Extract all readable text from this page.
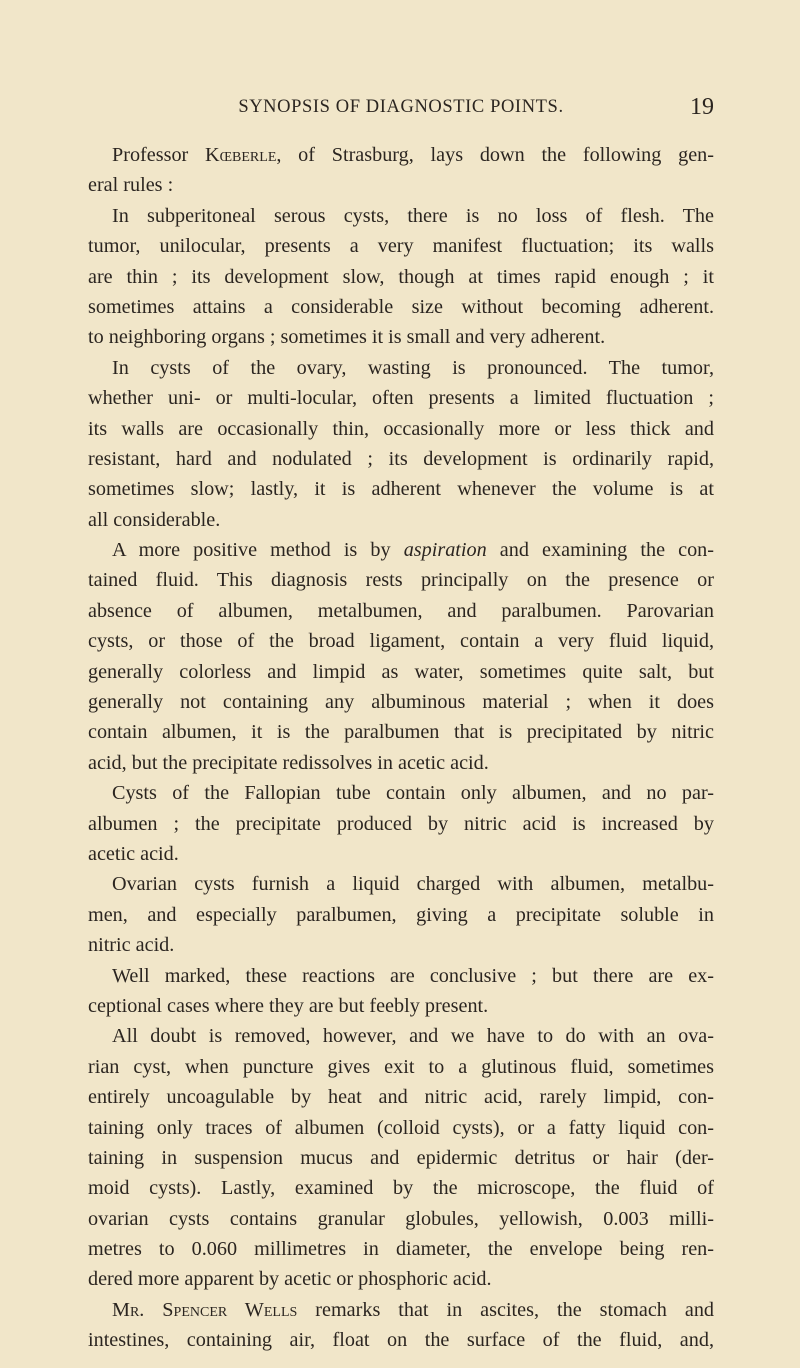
SYNOPSIS OF DIAGNOSTIC POINTS.	19
Professor Kœberle, of Strasburg, lays down the following gen-
eral rules :
In subperitoneal serous cysts, there is no loss of flesh. The
tumor, unilocular, presents a very manifest fluctuation; its walls
are thin ; its development slow, though at times rapid enough ; it
sometimes attains a considerable size without becoming adherent.
to neighboring organs ; sometimes it is small and very adherent.
In cysts of the ovary, wasting is pronounced. The tumor,
whether uni- or multi-locular, often presents a limited fluctuation ;
its walls are occasionally thin, occasionally more or less thick and
resistant, hard and nodulated ; its development is ordinarily rapid,
sometimes slow; lastly, it is adherent whenever the volume is at
all considerable.
A more positive method is by aspiration and examining the con-
tained fluid. This diagnosis rests principally on the presence or
absence of albumen, metalbumen, and paralbumen. Parovarian
cysts, or those of the broad ligament, contain a very fluid liquid,
generally colorless and limpid as water, sometimes quite salt, but
generally not containing any albuminous material ; when it does
contain albumen, it is the paralbumen that is precipitated by nitric
acid, but the precipitate redissolves in acetic acid.
Cysts of the Fallopian tube contain only albumen, and no par-
albumen ; the precipitate produced by nitric acid is increased by
acetic acid.
Ovarian cysts furnish a liquid charged with albumen, metalbu-
men, and especially paralbumen, giving a precipitate soluble in
nitric acid.
Well marked, these reactions are conclusive ; but there are ex-
ceptional cases where they are but feebly present.
All doubt is removed, however, and we have to do with an ova-
rian cyst, when puncture gives exit to a glutinous fluid, sometimes
entirely uncoagulable by heat and nitric acid, rarely limpid, con-
taining only traces of albumen (colloid cysts), or a fatty liquid con-
taining in suspension mucus and epidermic detritus or hair (der-
moid cysts). Lastly, examined by the microscope, the fluid of
ovarian cysts contains granular globules, yellowish, 0.003 milli-
metres to 0.060 millimetres in diameter, the envelope being ren-
dered more apparent by acetic or phosphoric acid.
Mr. Spencer Wells remarks that in ascites, the stomach and
intestines, containing air, float on the surface of the fluid, and,
